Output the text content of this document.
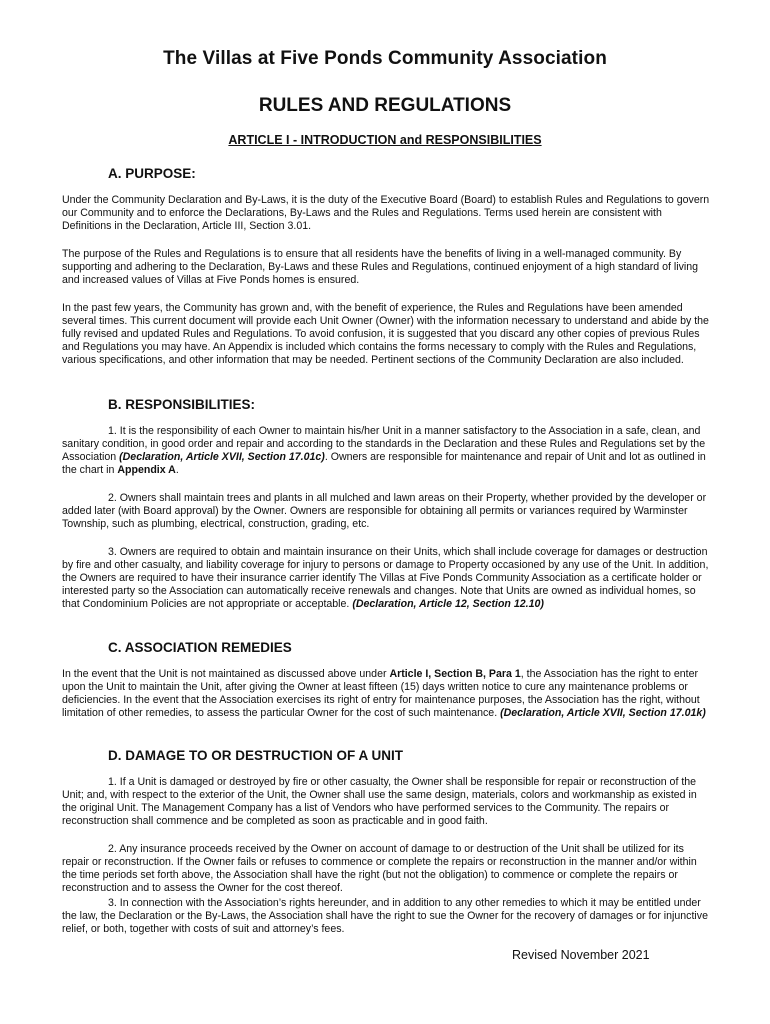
The Villas at Five Ponds Community Association
RULES AND REGULATIONS
ARTICLE I - INTRODUCTION and RESPONSIBILITIES
A. PURPOSE:

Under the Community Declaration and By-Laws, it is the duty of the Executive Board (Board) to establish Rules and Regulations to govern our Community and to enforce the Declarations, By-Laws and the Rules and Regulations. Terms used herein are consistent with Definitions in the Declaration, Article III, Section 3.01.

The purpose of the Rules and Regulations is to ensure that all residents have the benefits of living in a well-managed community. By supporting and adhering to the Declaration, By-Laws and these Rules and Regulations, continued enjoyment of a high standard of living and increased values of Villas at Five Ponds homes is ensured.

In the past few years, the Community has grown and, with the benefit of experience, the Rules and Regulations have been amended several times. This current document will provide each Unit Owner (Owner) with the information necessary to understand and abide by the fully revised and updated Rules and Regulations. To avoid confusion, it is suggested that you discard any other copies of previous Rules and Regulations you may have. An Appendix is included which contains the forms necessary to comply with the Rules and Regulations, various specifications, and other information that may be needed. Pertinent sections of the Community Declaration are also included.

B. RESPONSIBILITIES:

1. It is the responsibility of each Owner to maintain his/her Unit in a manner satisfactory to the Association in a safe, clean, and sanitary condition, in good order and repair and according to the standards in the Declaration and these Rules and Regulations set by the Association (Declaration, Article XVII, Section 17.01c). Owners are responsible for maintenance and repair of Unit and lot as outlined in the chart in Appendix A.

2. Owners shall maintain trees and plants in all mulched and lawn areas on their Property, whether provided by the developer or added later (with Board approval) by the Owner. Owners are responsible for obtaining all permits or variances required by Warminster Township, such as plumbing, electrical, construction, grading, etc.

3. Owners are required to obtain and maintain insurance on their Units, which shall include coverage for damages or destruction by fire and other casualty, and liability coverage for injury to persons or damage to Property occasioned by any use of the Unit. In addition, the Owners are required to have their insurance carrier identify The Villas at Five Ponds Community Association as a certificate holder or interested party so the Association can automatically receive renewals and changes. Note that Units are owned as individual homes, so that Condominium Policies are not appropriate or acceptable. (Declaration, Article 12, Section 12.10)

C. ASSOCIATION REMEDIES

In the event that the Unit is not maintained as discussed above under Article I, Section B, Para 1, the Association has the right to enter upon the Unit to maintain the Unit, after giving the Owner at least fifteen (15) days written notice to cure any maintenance problems or deficiencies. In the event that the Association exercises its right of entry for maintenance purposes, the Association has the right, without limitation of other remedies, to assess the particular Owner for the cost of such maintenance. (Declaration, Article XVII, Section 17.01k)

D. DAMAGE TO OR DESTRUCTION OF A UNIT

1. If a Unit is damaged or destroyed by fire or other casualty, the Owner shall be responsible for repair or reconstruction of the Unit; and, with respect to the exterior of the Unit, the Owner shall use the same design, materials, colors and workmanship as existed in the original Unit. The Management Company has a list of Vendors who have performed services to the Community. The repairs or reconstruction shall commence and be completed as soon as practicable and in good faith.

2. Any insurance proceeds received by the Owner on account of damage to or destruction of the Unit shall be utilized for its repair or reconstruction. If the Owner fails or refuses to commence or complete the repairs or reconstruction in the manner and/or within the time periods set forth above, the Association shall have the right (but not the obligation) to commence or complete the repairs or reconstruction and to assess the Owner for the cost thereof.

3. In connection with the Association’s rights hereunder, and in addition to any other remedies to which it may be entitled under the law, the Declaration or the By-Laws, the Association shall have the right to sue the Owner for the recovery of damages or for injunctive relief, or both, together with costs of suit and attorney’s fees.

Revised November 2021
